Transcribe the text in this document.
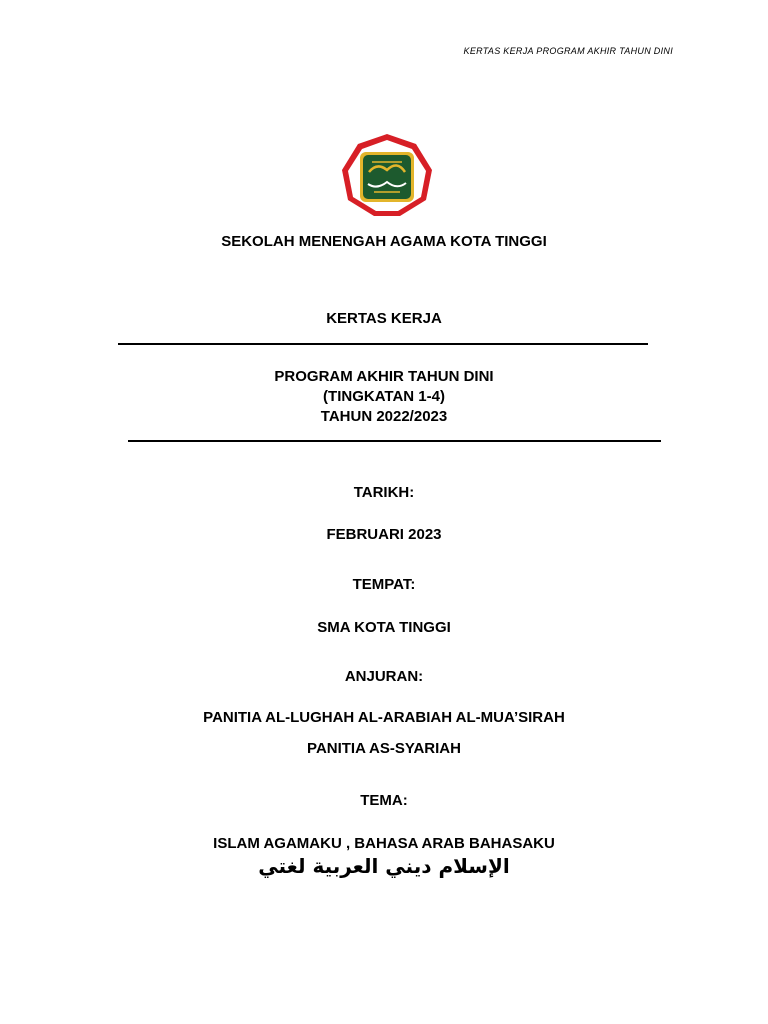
KERTAS KERJA PROGRAM AKHIR TAHUN DINI
SEKOLAH MENENGAH AGAMA KOTA TINGGI
KERTAS KERJA
PROGRAM AKHIR TAHUN DINI
(TINGKATAN 1-4)
TAHUN 2022/2023
TARIKH:
FEBRUARI 2023
TEMPAT:
SMA KOTA TINGGI
ANJURAN:
PANITIA AL-LUGHAH AL-ARABIAH AL-MUA’SIRAH
PANITIA AS-SYARIAH
TEMA:
ISLAM AGAMAKU , BAHASA ARAB BAHASAKU
الإسلام ديني العربية لغتي
